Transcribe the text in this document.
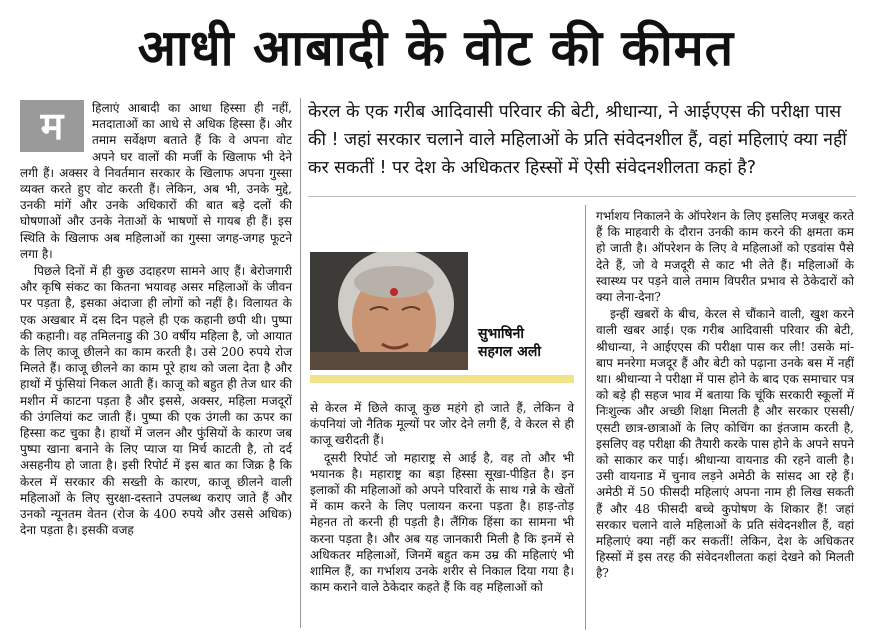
आधी आबादी के वोट की कीमत

म	हिलाएं आबादी का आधा हिस्सा ही नहीं, मतदाताओं का आधे से अधिक हिस्सा हैं। और तमाम सर्वेक्षण बताते हैं कि वे अपना वोट अपने घर वालों की मर्जी के खिलाफ भी देने लगी हैं। अक्सर वे निवर्तमान सरकार के खिलाफ अपना गुस्सा व्यक्त करते हुए वोट करती हैं। लेकिन, अब भी, उनके मुद्दे, उनकी मांगें और उनके अधिकारों की बात बड़े दलों की घोषणाओं और उनके नेताओं के भाषणों से गायब ही हैं। इस स्थिति के खिलाफ अब महिलाओं का गुस्सा जगह-जगह फूटने लगा है।

पिछले दिनों में ही कुछ उदाहरण सामने आए हैं। बेरोजगारी और कृषि संकट का कितना भयावह असर महिलाओं के जीवन पर पड़ता है, इसका अंदाजा ही लोगों को नहीं है। विलायत के एक अखबार में दस दिन पहले ही एक कहानी छपी थी। पुष्पा की कहानी। वह तमिलनाडु की 30 वर्षीय महिला है, जो आयात के लिए काजू छीलने का काम करती है। उसे 200 रुपये रोज मिलते हैं। काजू छीलने का काम पूरे हाथ को जला देता है और हाथों में फुंसियां निकल आती हैं। काजू को बहुत ही तेज धार की मशीन में काटना पड़ता है और इससे, अक्सर, महिला मजदूरों की उंगलियां कट जाती हैं। पुष्पा की एक उंगली का ऊपर का हिस्सा कट चुका है। हाथों में जलन और फुंसियों के कारण जब पुष्पा खाना बनाने के लिए प्याज या मिर्च काटती है, तो दर्द असहनीय हो जाता है। इसी रिपोर्ट में इस बात का जिक्र है कि केरल में सरकार की सख्ती के कारण, काजू छीलने वाली महिलाओं के लिए सुरक्षा-दस्ताने उपलब्ध कराए जाते हैं और उनको न्यूनतम वेतन (रोज के 400 रुपये और उससे अधिक) देना पड़ता है। इसकी वजह

केरल के एक गरीब आदिवासी परिवार की बेटी, श्रीधान्या, ने आईएएस की परीक्षा पास की ! जहां सरकार चलाने वाले महिलाओं के प्रति संवेदनशील हैं, वहां महिलाएं क्या नहीं कर सकतीं ! पर देश के अधिकतर हिस्सों में ऐसी संवेदनशीलता कहां है?
सुभाषिनी
सहगल अली

से केरल में छिले काजू कुछ महंगे हो जाते हैं, लेकिन वे कंपनियां जो नैतिक मूल्यों पर जोर देने लगी हैं, वे केरल से ही काजू खरीदती हैं।

दूसरी रिपोर्ट जो महाराष्ट्र से आई है, वह तो और भी भयानक है। महाराष्ट्र का बड़ा हिस्सा सूखा-पीड़ित है। इन इलाकों की महिलाओं को अपने परिवारों के साथ गन्ने के खेतों में काम करने के लिए पलायन करना पड़ता है। हाड़-तोड़ मेहनत तो करनी ही पड़ती है। लैंगिक हिंसा का सामना भी करना पड़ता है। और अब यह जानकारी मिली है कि इनमें से अधिकतर महिलाओं, जिनमें बहुत कम उम्र की महिलाएं भी शामिल हैं, का गर्भाशय उनके शरीर से निकाल दिया गया है। काम कराने वाले ठेकेदार कहते हैं कि वह महिलाओं को

गर्भाशय निकालने के ऑपरेशन के लिए इसलिए मजबूर करते हैं कि माहवारी के दौरान उनकी काम करने की क्षमता कम हो जाती है। ऑपरेशन के लिए वे महिलाओं को एडवांस पैसे देते हैं, जो वे मजदूरी से काट भी लेते हैं। महिलाओं के स्वास्थ्य पर पड़ने वाले तमाम विपरीत प्रभाव से ठेकेदारों को क्या लेना-देना?

इन्हीं खबरों के बीच, केरल से चौंकाने वाली, खुश करने वाली खबर आई। एक गरीब आदिवासी परिवार की बेटी, श्रीधान्या, ने आईएएस की परीक्षा पास कर ली! उसके मां-बाप मनरेगा मजदूर हैं और बेटी को पढ़ाना उनके बस में नहीं था। श्रीधान्या ने परीक्षा में पास होने के बाद एक समाचार पत्र को बड़े ही सहज भाव में बताया कि चूंकि सरकारी स्कूलों में निःशुल्क और अच्छी शिक्षा मिलती है और सरकार एससी/एसटी छात्र-छात्राओं के लिए कोचिंग का इंतजाम करती है, इसलिए वह परीक्षा की तैयारी करके पास होने के अपने सपने को साकार कर पाई। श्रीधान्या वायनाड की रहने वाली है। उसी वायनाड में चुनाव लड़ने अमेठी के सांसद आ रहे हैं। अमेठी में 50 फीसदी महिलाएं अपना नाम ही लिख सकती हैं और 48 फीसदी बच्चे कुपोषण के शिकार हैं! जहां सरकार चलाने वाले महिलाओं के प्रति संवेदनशील हैं, वहां महिलाएं क्या नहीं कर सकतीं! लेकिन, देश के अधिकतर हिस्सों में इस तरह की संवेदनशीलता कहां देखने को मिलती है?
